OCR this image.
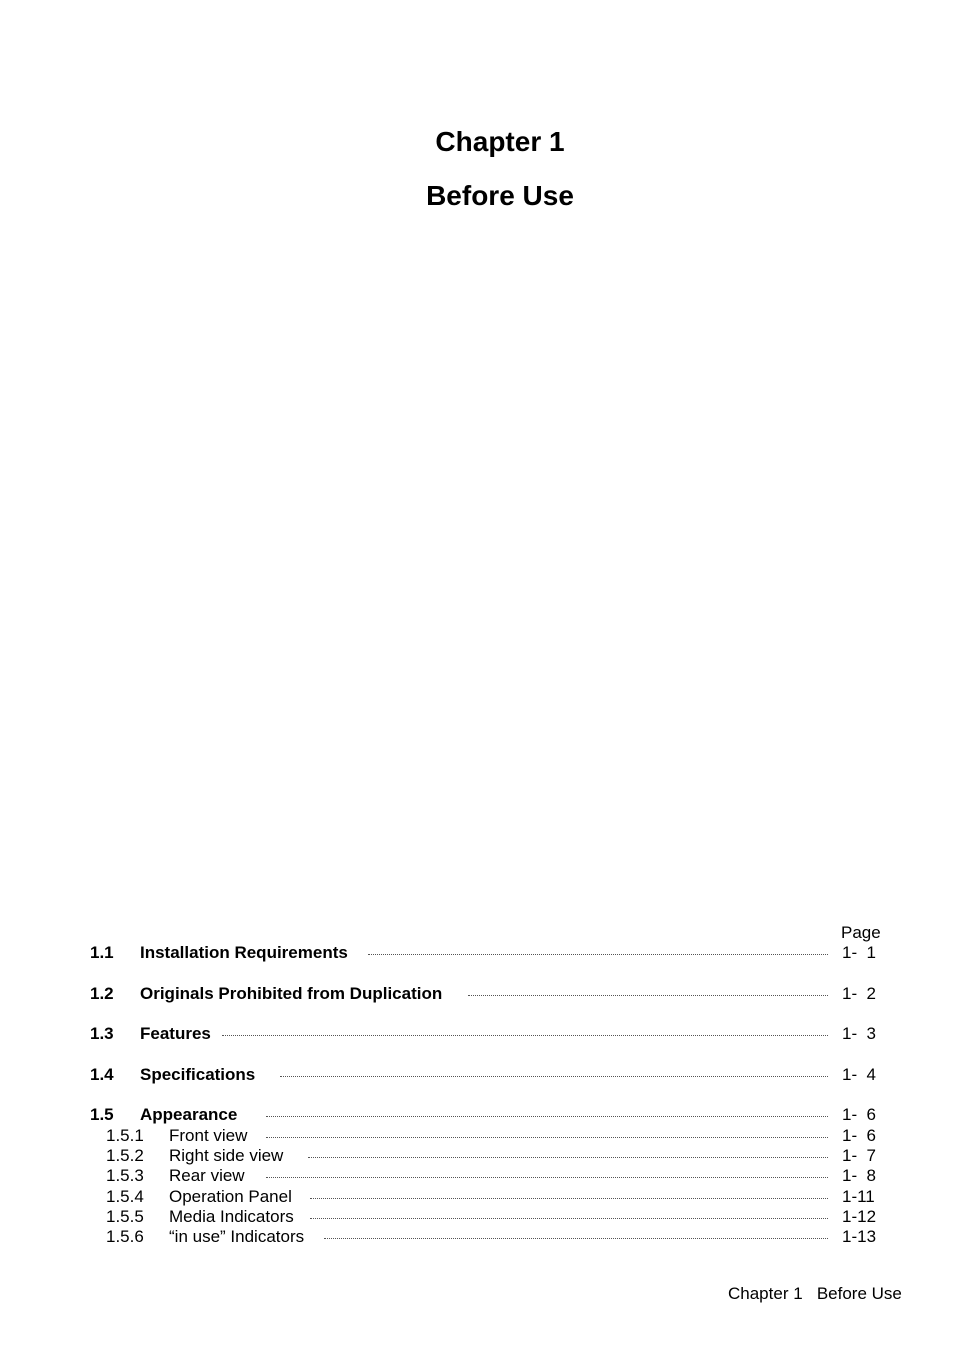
Chapter 1
Before Use
Page
1.1 Installation Requirements	1-  1
1.2 Originals Prohibited from Duplication	1-  2
1.3 Features	1-  3
1.4 Specifications	1-  4
1.5 Appearance	1-  6
1.5.1 Front view	1-  6
1.5.2 Right side view	1-  7
1.5.3 Rear view	1-  8
1.5.4 Operation Panel	1-11
1.5.5 Media Indicators	1-12
1.5.6 “in use” Indicators	1-13
Chapter 1   Before Use
